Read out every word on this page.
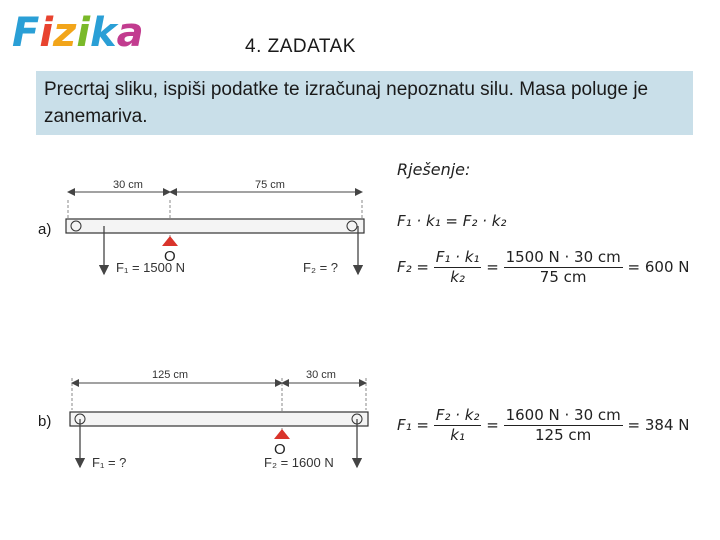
Fizika	4. ZADATAK
Precrtaj sliku, ispiši podatke te izračunaj nepoznatu silu. Masa poluge je zanemariva.
30 cm	75 cm
O
F₁ = 1500 N	F₂ = ?
125 cm	30 cm
O
F₁ = ?	F₂ = 1600 N
a)
b)
Rješenje:
F₁ · k₁ = F₂ · k₂
$F_2 = \frac{\text{F₁ · k₁}}{\text{k₂}} = \frac{1500 N \cdot 30 cm}{75 cm} = 600$ N
$F_1 = \frac{\text{F₂ · k₂}}{\text{k₁}} = \frac{1600 N \cdot 30 cm}{125 cm} = 384$ N
